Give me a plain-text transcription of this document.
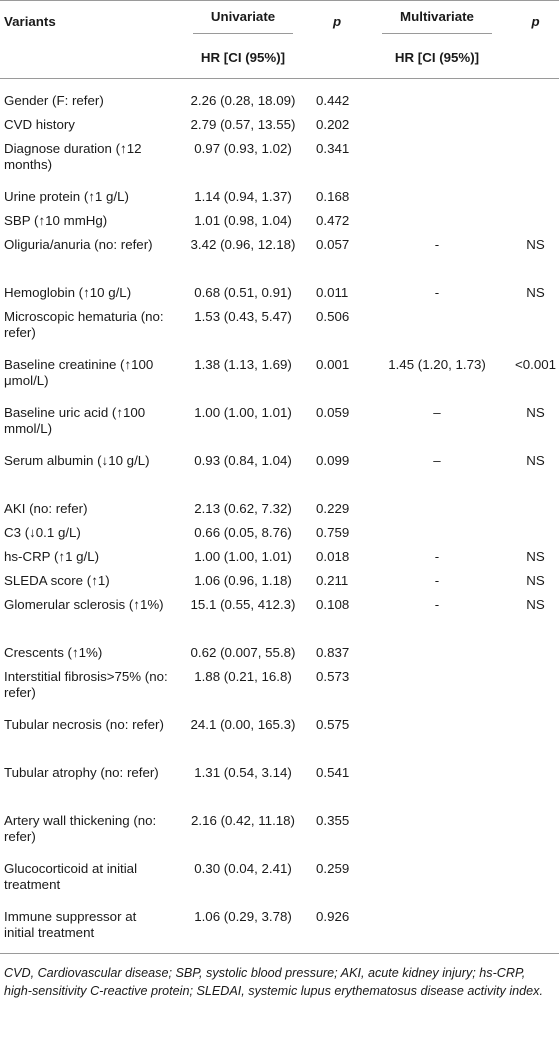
Variants	Univariate	p	Multivariate	p
	HR [CI (95%)]		HR [CI (95%)]	
Gender (F: refer)	2.26 (0.28, 18.09)	0.442		
CVD history	2.79 (0.57, 13.55)	0.202		
Diagnose duration (↑12 months)	0.97 (0.93, 1.02)	0.341		
Urine protein (↑1 g/L)	1.14 (0.94, 1.37)	0.168		
SBP (↑10 mmHg)	1.01 (0.98, 1.04)	0.472		
Oliguria/anuria (no: refer)	3.42 (0.96, 12.18)	0.057	-	NS
Hemoglobin (↑10 g/L)	0.68 (0.51, 0.91)	0.011	-	NS
Microscopic hematuria (no: refer)	1.53 (0.43, 5.47)	0.506		
Baseline creatinine (↑100 μmol/L)	1.38 (1.13, 1.69)	0.001	1.45 (1.20, 1.73)	<0.001
Baseline uric acid (↑100 mmol/L)	1.00 (1.00, 1.01)	0.059	–	NS
Serum albumin (↓10 g/L)	0.93 (0.84, 1.04)	0.099	–	NS
AKI (no: refer)	2.13 (0.62, 7.32)	0.229		
C3 (↓0.1 g/L)	0.66 (0.05, 8.76)	0.759		
hs-CRP (↑1 g/L)	1.00 (1.00, 1.01)	0.018	-	NS
SLEDA score (↑1)	1.06 (0.96, 1.18)	0.211	-	NS
Glomerular sclerosis (↑1%)	15.1 (0.55, 412.3)	0.108	-	NS
Crescents (↑1%)	0.62 (0.007, 55.8)	0.837		
Interstitial fibrosis>75% (no: refer)	1.88 (0.21, 16.8)	0.573		
Tubular necrosis (no: refer)	24.1 (0.00, 165.3)	0.575		
Tubular atrophy (no: refer)	1.31 (0.54, 3.14)	0.541		
Artery wall thickening (no: refer)	2.16 (0.42, 11.18)	0.355		
Glucocorticoid at initial treatment	0.30 (0.04, 2.41)	0.259		
Immune suppressor at initial treatment	1.06 (0.29, 3.78)	0.926		
CVD, Cardiovascular disease; SBP, systolic blood pressure; AKI, acute kidney injury; hs-CRP, high-sensitivity C-reactive protein; SLEDAI, systemic lupus erythematosus disease activity index.
